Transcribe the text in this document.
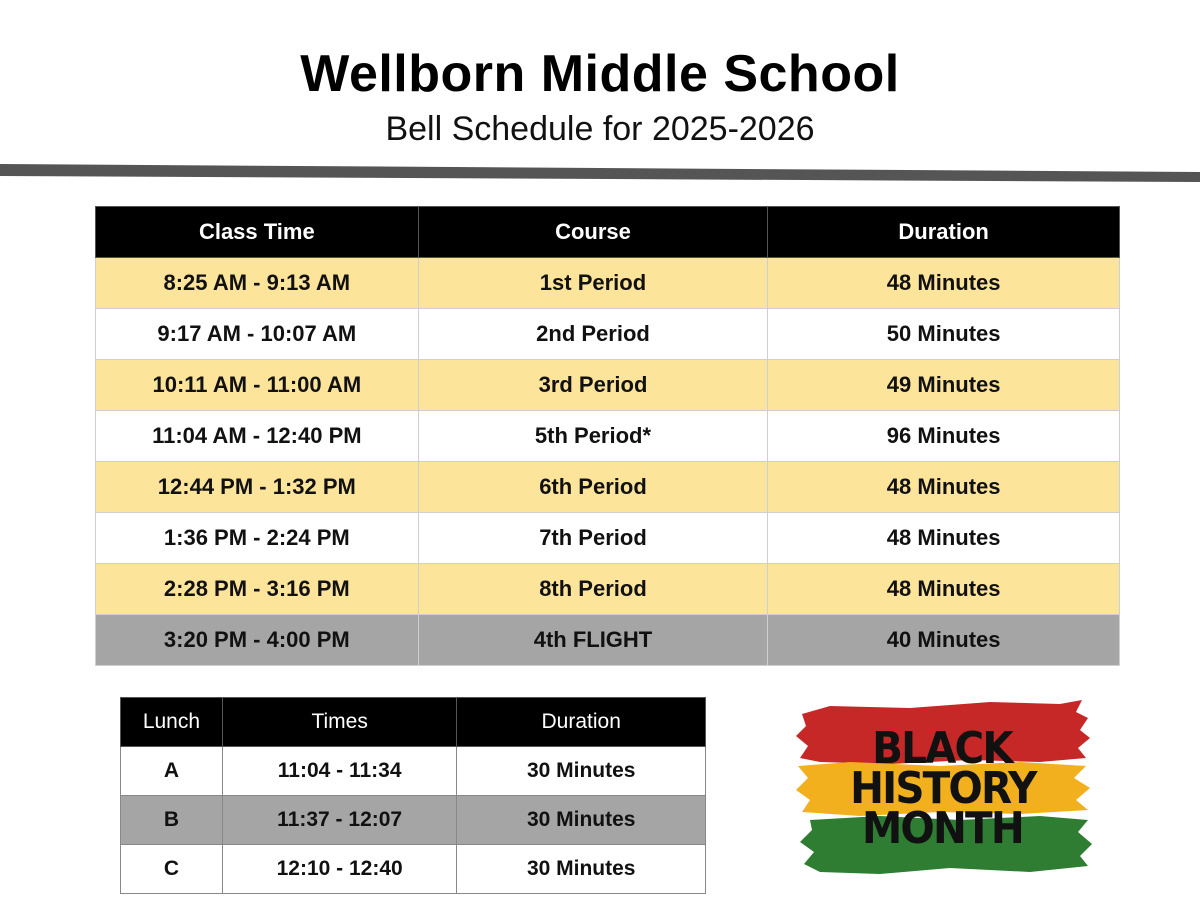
Wellborn Middle School
Bell Schedule for 2025-2026
Class Time	Course	Duration
8:25 AM - 9:13 AM	1st Period	48 Minutes
9:17 AM - 10:07 AM	2nd Period	50 Minutes
10:11 AM - 11:00 AM	3rd Period	49 Minutes
11:04 AM - 12:40 PM	5th Period*	96 Minutes
12:44 PM - 1:32 PM	6th Period	48 Minutes
1:36 PM - 2:24 PM	7th Period	48 Minutes
2:28 PM - 3:16 PM	8th Period	48 Minutes
3:20 PM - 4:00 PM	4th FLIGHT	40 Minutes
Lunch	Times	Duration
A	11:04 - 11:34	30 Minutes
B	11:37 - 12:07	30 Minutes
C	12:10 - 12:40	30 Minutes
BLACK
HISTORY
MONTH
